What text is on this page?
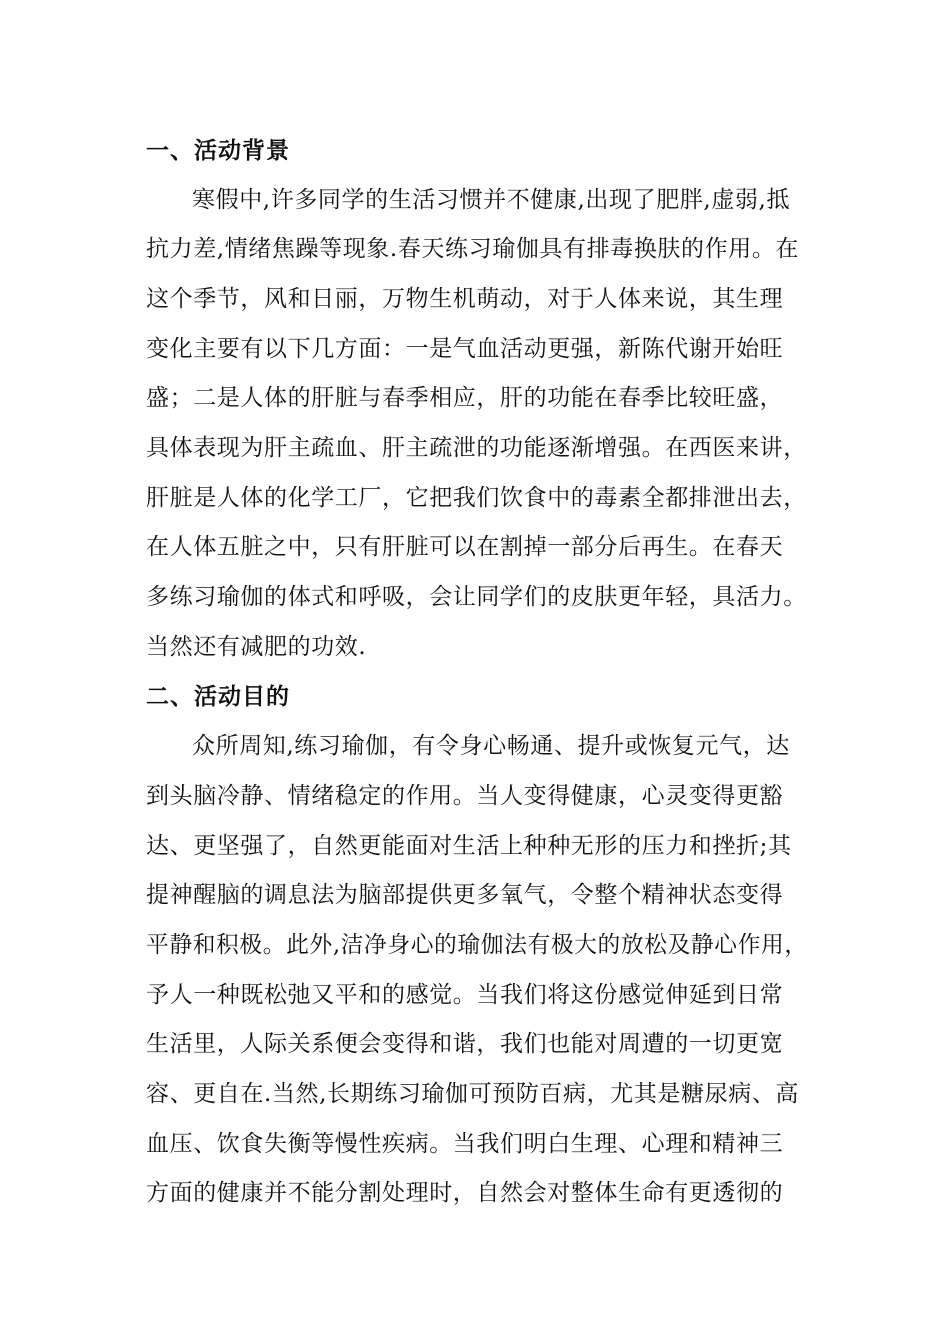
一、活动背景
寒假中,许多同学的生活习惯并不健康,出现了肥胖,虚弱,抵
抗力差,情绪焦躁等现象.春天练习瑜伽具有排毒换肤的作用。在
这个季节，风和日丽，万物生机萌动，对于人体来说，其生理
变化主要有以下几方面：一是气血活动更强，新陈代谢开始旺
盛；二是人体的肝脏与春季相应，肝的功能在春季比较旺盛，
具体表现为肝主疏血、肝主疏泄的功能逐渐增强。在西医来讲，
肝脏是人体的化学工厂，它把我们饮食中的毒素全都排泄出去，
在人体五脏之中，只有肝脏可以在割掉一部分后再生。在春天
多练习瑜伽的体式和呼吸，会让同学们的皮肤更年轻，具活力。
当然还有减肥的功效.
二、活动目的
众所周知,练习瑜伽，有令身心畅通、提升或恢复元气，达
到头脑冷静、情绪稳定的作用。当人变得健康，心灵变得更豁
达、更坚强了，自然更能面对生活上种种无形的压力和挫折;其
提神醒脑的调息法为脑部提供更多氧气，令整个精神状态变得
平静和积极。此外,洁净身心的瑜伽法有极大的放松及静心作用，
予人一种既松弛又平和的感觉。当我们将这份感觉伸延到日常
生活里，人际关系便会变得和谐，我们也能对周遭的一切更宽
容、更自在.当然,长期练习瑜伽可预防百病，尤其是糖尿病、高
血压、饮食失衡等慢性疾病。当我们明白生理、心理和精神三
方面的健康并不能分割处理时，自然会对整体生命有更透彻的
